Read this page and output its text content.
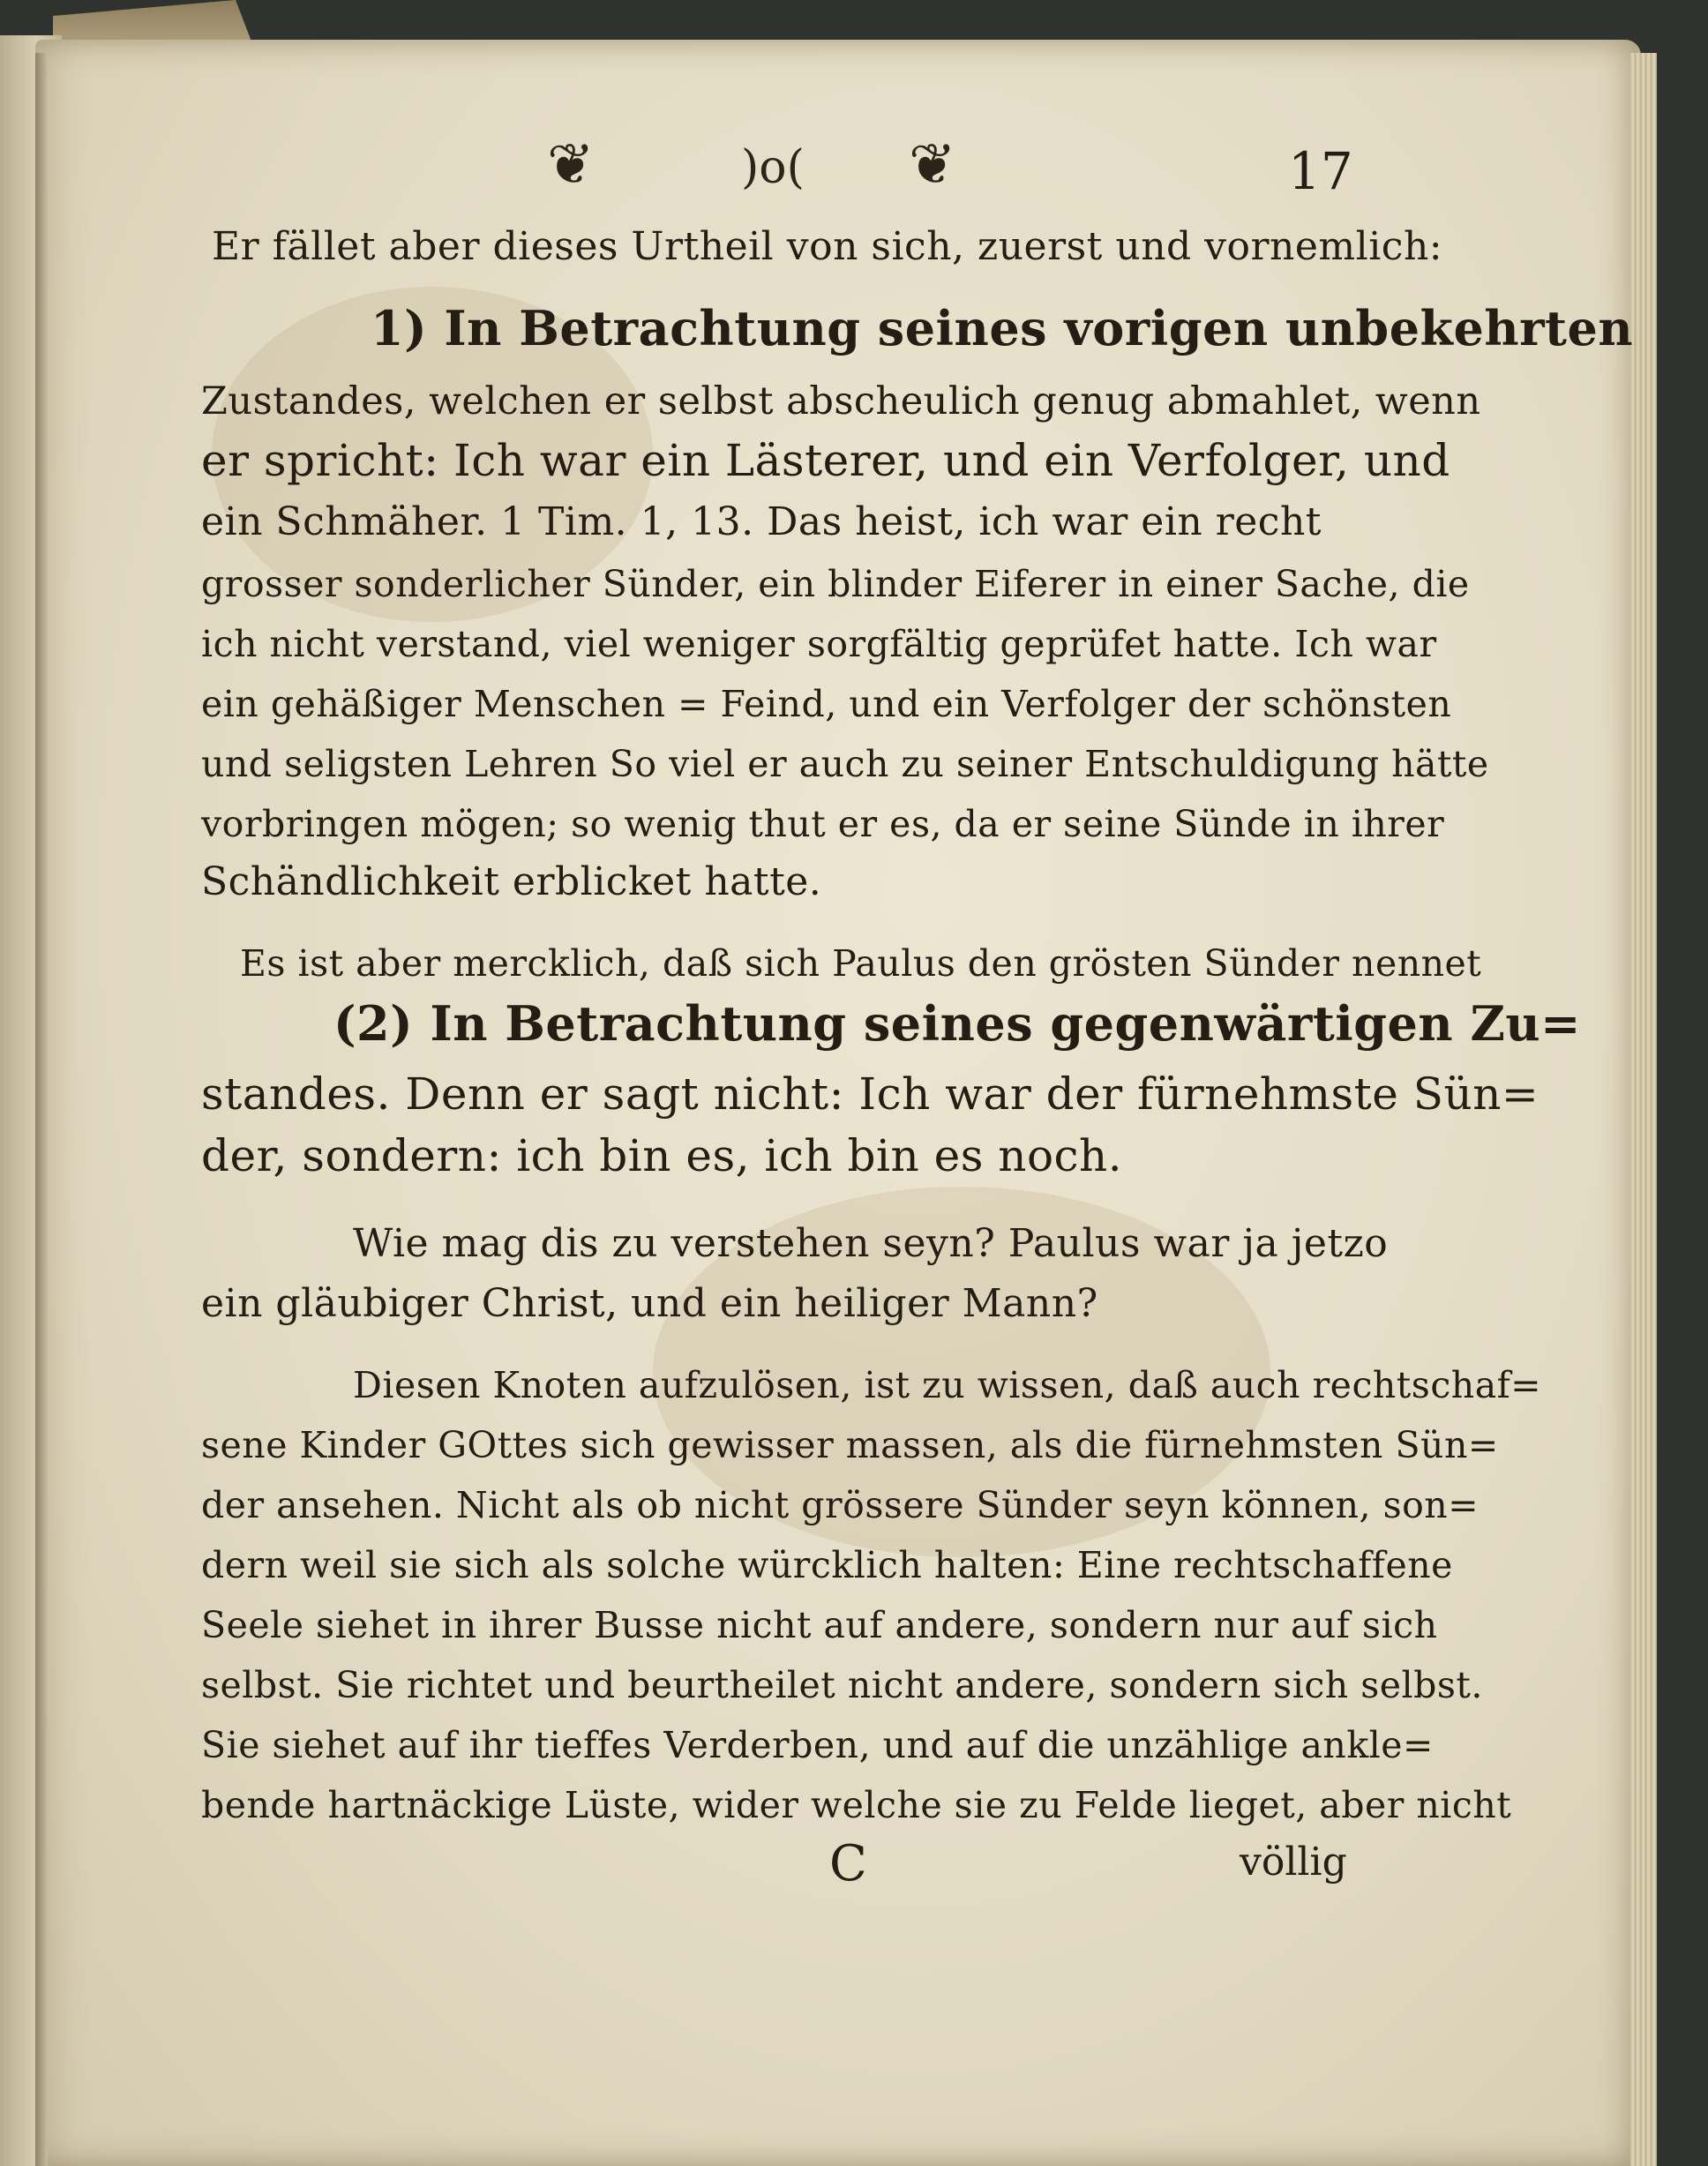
❦	)o( ❦	17
Er fället aber dieses Urtheil von sich, zuerst und vornemlich:
1) In Betrachtung seines vorigen unbekehrten
Zustandes, welchen er selbst abscheulich genug abmahlet, wenn
er spricht: Ich war ein Lästerer, und ein Verfolger, und
ein Schmäher. 1 Tim. 1, 13. Das heist, ich war ein recht
grosser sonderlicher Sünder, ein blinder Eiferer in einer Sache, die
ich nicht verstand, viel weniger sorgfältig geprüfet hatte. Ich war
ein gehäßiger Menschen = Feind, und ein Verfolger der schönsten
und seligsten Lehren So viel er auch zu seiner Entschuldigung hätte
vorbringen mögen; so wenig thut er es, da er seine Sünde in ihrer
Schändlichkeit erblicket hatte.
Es ist aber mercklich, daß sich Paulus den grösten Sünder nennet
(2) In Betrachtung seines gegenwärtigen Zu=
standes. Denn er sagt nicht: Ich war der fürnehmste Sün=
der, sondern: ich bin es, ich bin es noch.
Wie mag dis zu verstehen seyn? Paulus war ja jetzo
ein gläubiger Christ, und ein heiliger Mann?
Diesen Knoten aufzulösen, ist zu wissen, daß auch rechtschaf=
sene Kinder GOttes sich gewisser massen, als die fürnehmsten Sün=
der ansehen. Nicht als ob nicht grössere Sünder seyn können, son=
dern weil sie sich als solche würcklich halten: Eine rechtschaffene
Seele siehet in ihrer Busse nicht auf andere, sondern nur auf sich
selbst. Sie richtet und beurtheilet nicht andere, sondern sich selbst.
Sie siehet auf ihr tieffes Verderben, und auf die unzählige ankle=
bende hartnäckige Lüste, wider welche sie zu Felde lieget, aber nicht
C	völlig
